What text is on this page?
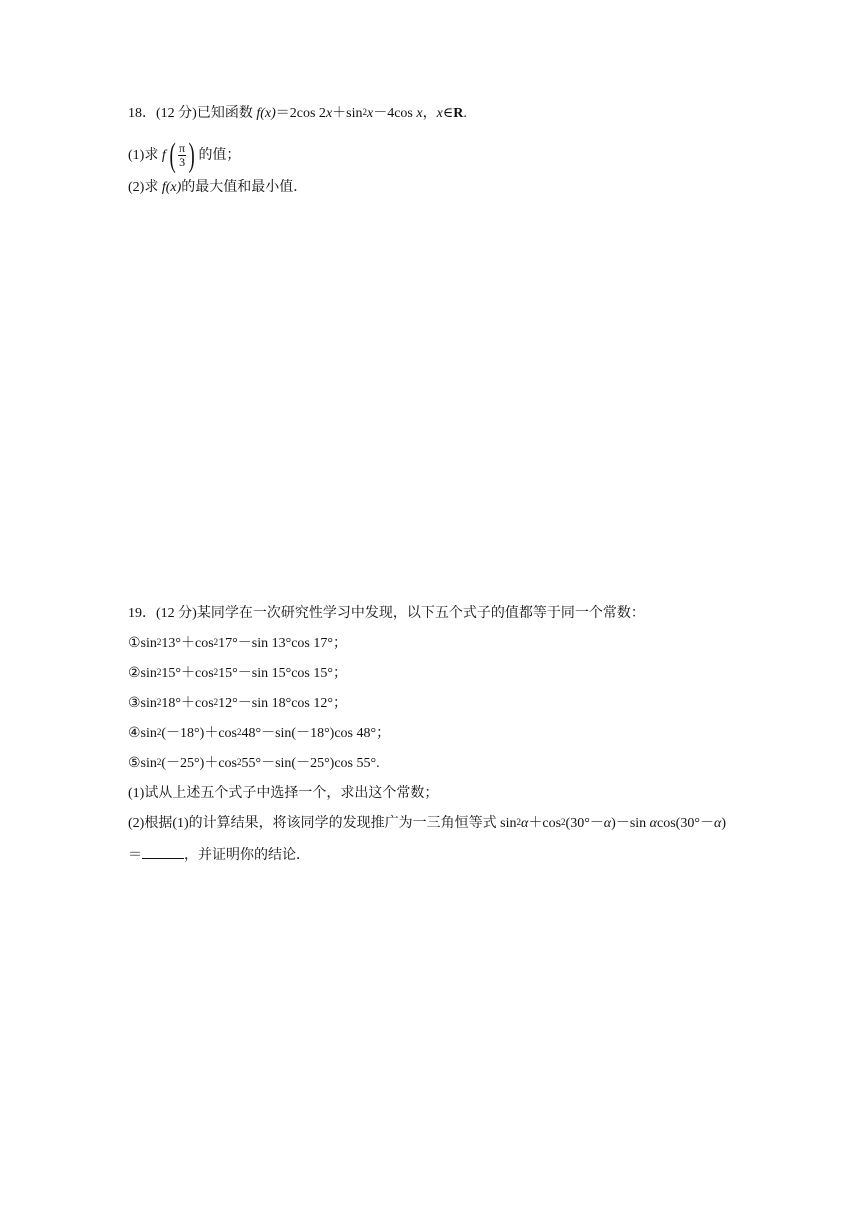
18．(12 分)已知函数 f(x)＝2cos $2x+\sin^2x-4\cos$ x，x∈R.
(1)求 f ( $\frac{\pi}{3}$ ) 的值；
(2)求 f(x)的最大值和最小值．
19．(12 分)某同学在一次研究性学习中发现，以下五个式子的值都等于同一个常数：
$①\sin^213^\circ+\cos^217^\circ-\sin$ 13°cos 17°；
$②\sin^215^\circ+\cos^215^\circ-\sin$ 15°cos 15°；
$③\sin^218^\circ+\cos^212^\circ-\sin$ 18°cos 12°；
$④\sin^2(-18^\circ)+\cos^248^\circ-\sin(-18^\circ)\cos$ 48°；
$⑤\sin^2(-25^\circ)+\cos^255^\circ-\sin(-25^\circ)\cos$ 55°.
(1)试从上述五个式子中选择一个，求出这个常数；
(2)根据(1)的计算结果，将该同学的发现推广为一三角恒等式 $\sin^2\alpha+\cos^2(30^\circ-\alpha)-\sin$ αcos(30°－α)
＝	，并证明你的结论．
